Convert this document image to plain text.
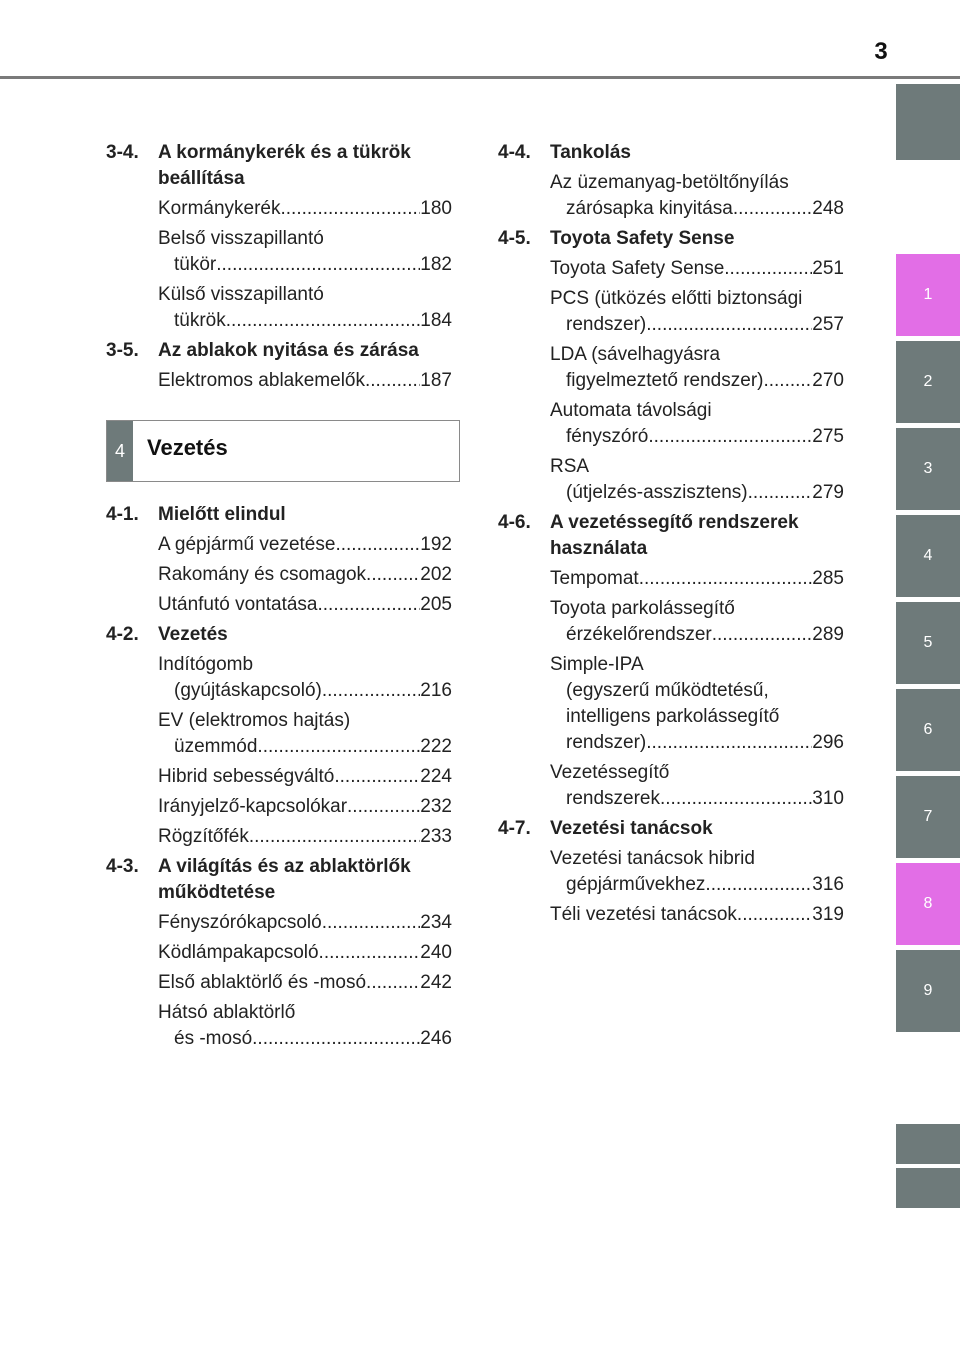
3
1
2
3
4
5
6
7
8
9
3-4. A kormánykerék és a tükrök
beállítása
Kormánykerék .....	180
Belső visszapillantó
tükör .....	182
Külső visszapillantó
tükrök .....	184
3-5. Az ablakok nyitása és zárása
Elektromos ablakemelők .....	187
4	Vezetés
4-1. Mielőtt elindul
A gépjármű vezetése .....	192
Rakomány és csomagok .....	202
Utánfutó vontatása .....	205
4-2. Vezetés
Indítógomb
(gyújtáskapcsoló) .....	216
EV (elektromos hajtás)
üzemmód .....	222
Hibrid sebességváltó .....	224
Irányjelző-kapcsolókar .....	232
Rögzítőfék .....	233
4-3. A világítás és az ablaktörlők
működtetése
Fényszórókapcsoló .....	234
Ködlámpakapcsoló .....	240
Első ablaktörlő és -mosó .....	242
Hátsó ablaktörlő
és -mosó .....	246
4-4. Tankolás
Az üzemanyag-betöltőnyílás
zárósapka kinyitása .....	248
4-5. Toyota Safety Sense
Toyota Safety Sense .....	251
PCS (ütközés előtti biztonsági
rendszer) .....	257
LDA (sávelhagyásra
figyelmeztető rendszer) .....	270
Automata távolsági
fényszóró .....	275
RSA
(útjelzés-asszisztens) .....	279
4-6. A vezetéssegítő rendszerek
használata
Tempomat .....	285
Toyota parkolássegítő
érzékelőrendszer .....	289
Simple-IPA
(egyszerű működtetésű,
intelligens parkolássegítő
rendszer) .....	296
Vezetéssegítő
rendszerek .....	310
4-7. Vezetési tanácsok
Vezetési tanácsok hibrid
gépjárművekhez .....	316
Téli vezetési tanácsok .....	319
